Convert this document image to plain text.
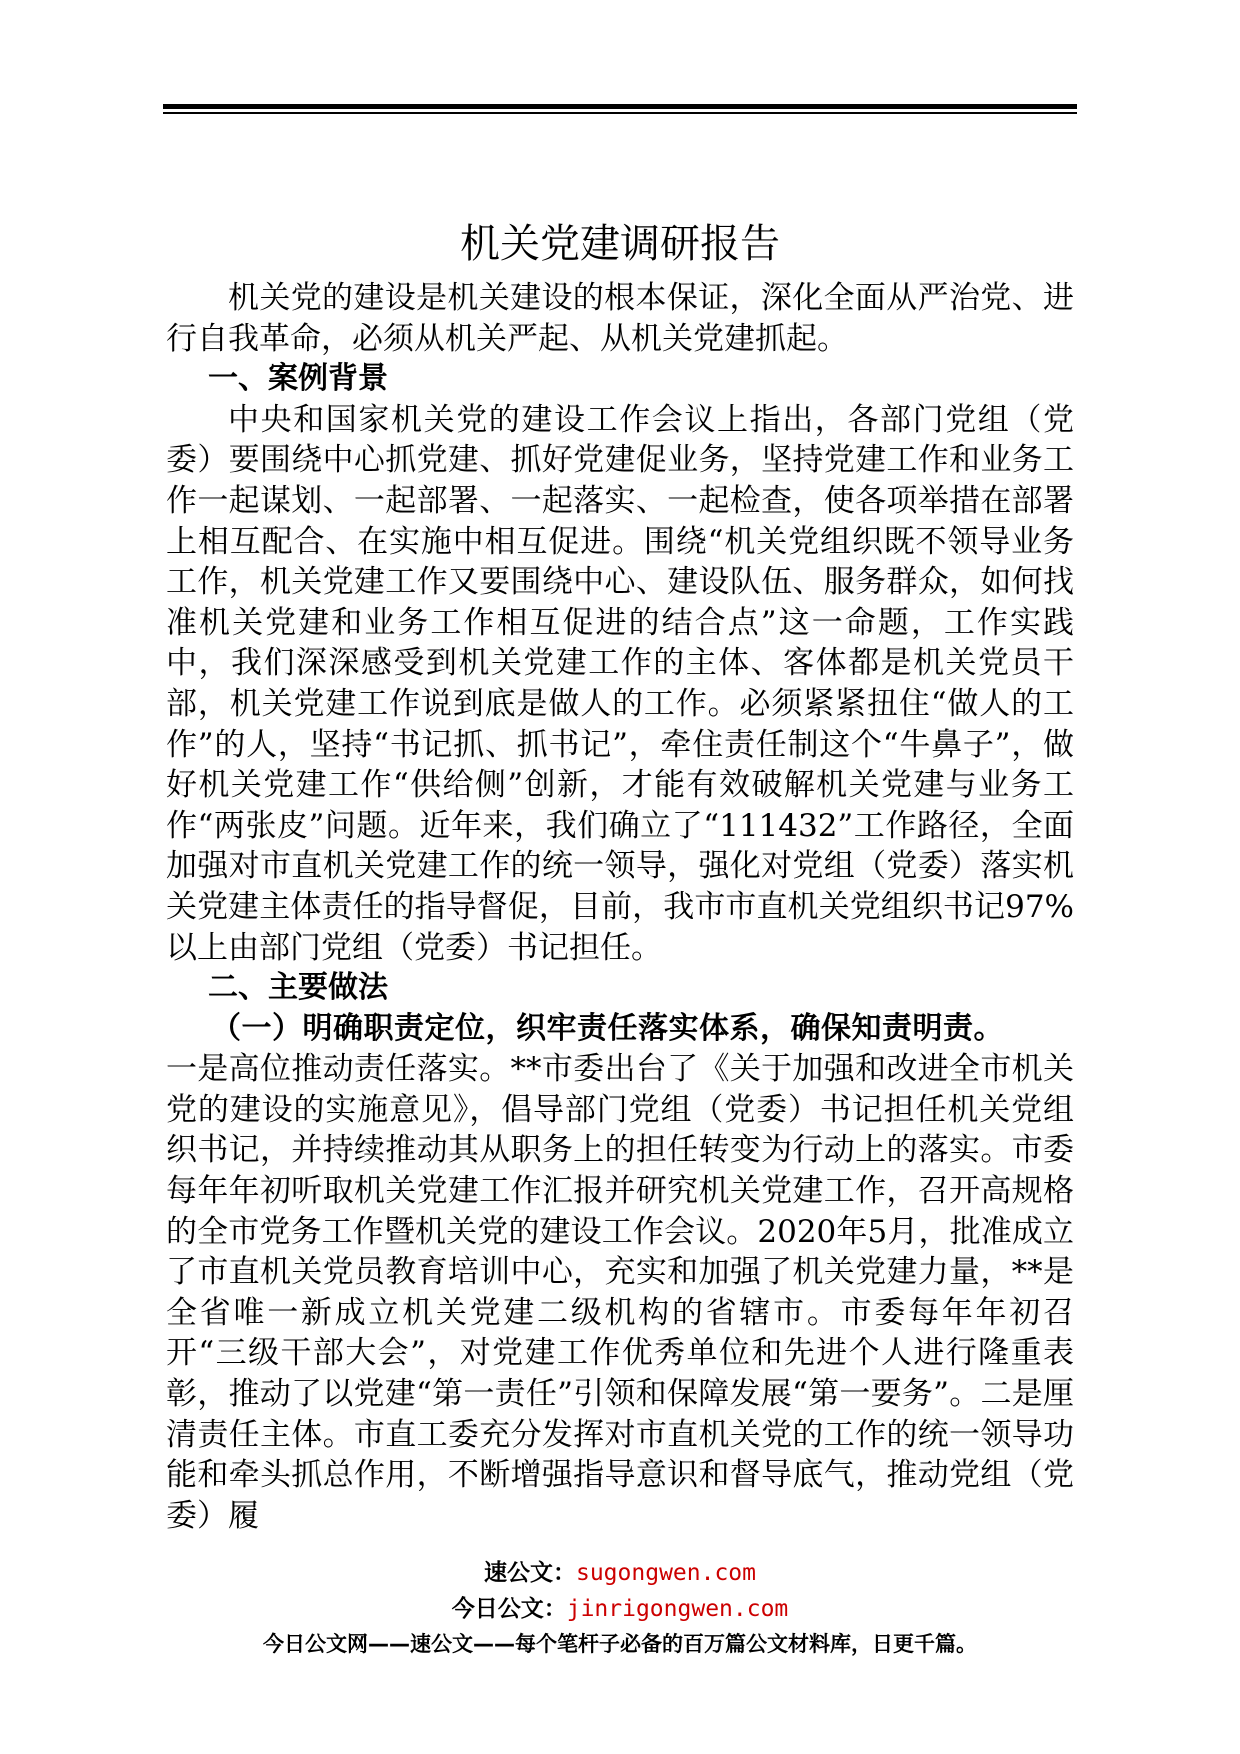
机关党建调研报告

机关党的建设是机关建设的根本保证，深化全面从严治党、进行自我革命，必须从机关严起、从机关党建抓起。

一、案例背景

中央和国家机关党的建设工作会议上指出，各部门党组（党委）要围绕中心抓党建、抓好党建促业务，坚持党建工作和业务工作一起谋划、一起部署、一起落实、一起检查，使各项举措在部署上相互配合、在实施中相互促进。围绕“机关党组织既不领导业务工作，机关党建工作又要围绕中心、建设队伍、服务群众，如何找准机关党建和业务工作相互促进的结合点”这一命题，工作实践中，我们深深感受到机关党建工作的主体、客体都是机关党员干部，机关党建工作说到底是做人的工作。必须紧紧扭住“做人的工作”的人，坚持“书记抓、抓书记”，牵住责任制这个“牛鼻子”，做好机关党建工作“供给侧”创新，才能有效破解机关党建与业务工作“两张皮”问题。近年来，我们确立了“111432”工作路径，全面加强对市直机关党建工作的统一领导，强化对党组（党委）落实机关党建主体责任的指导督促，目前，我市市直机关党组织书记97%以上由部门党组（党委）书记担任。

二、主要做法

（一）明确职责定位，织牢责任落实体系，确保知责明责。

一是高位推动责任落实。**市委出台了《关于加强和改进全市机关党的建设的实施意见》，倡导部门党组（党委）书记担任机关党组织书记，并持续推动其从职务上的担任转变为行动上的落实。市委每年年初听取机关党建工作汇报并研究机关党建工作，召开高规格的全市党务工作暨机关党的建设工作会议。2020年5月，批准成立了市直机关党员教育培训中心，充实和加强了机关党建力量，**是全省唯一新成立机关党建二级机构的省辖市。市委每年年初召开“三级干部大会”，对党建工作优秀单位和先进个人进行隆重表彰，推动了以党建“第一责任”引领和保障发展“第一要务”。二是厘清责任主体。市直工委充分发挥对市直机关党的工作的统一领导功能和牵头抓总作用，不断增强指导意识和督导底气，推动党组（党委）履

速公文：sugongwen.com
今日公文：jinrigongwen.com
今日公文网——速公文——每个笔杆子必备的百万篇公文材料库，日更千篇。
